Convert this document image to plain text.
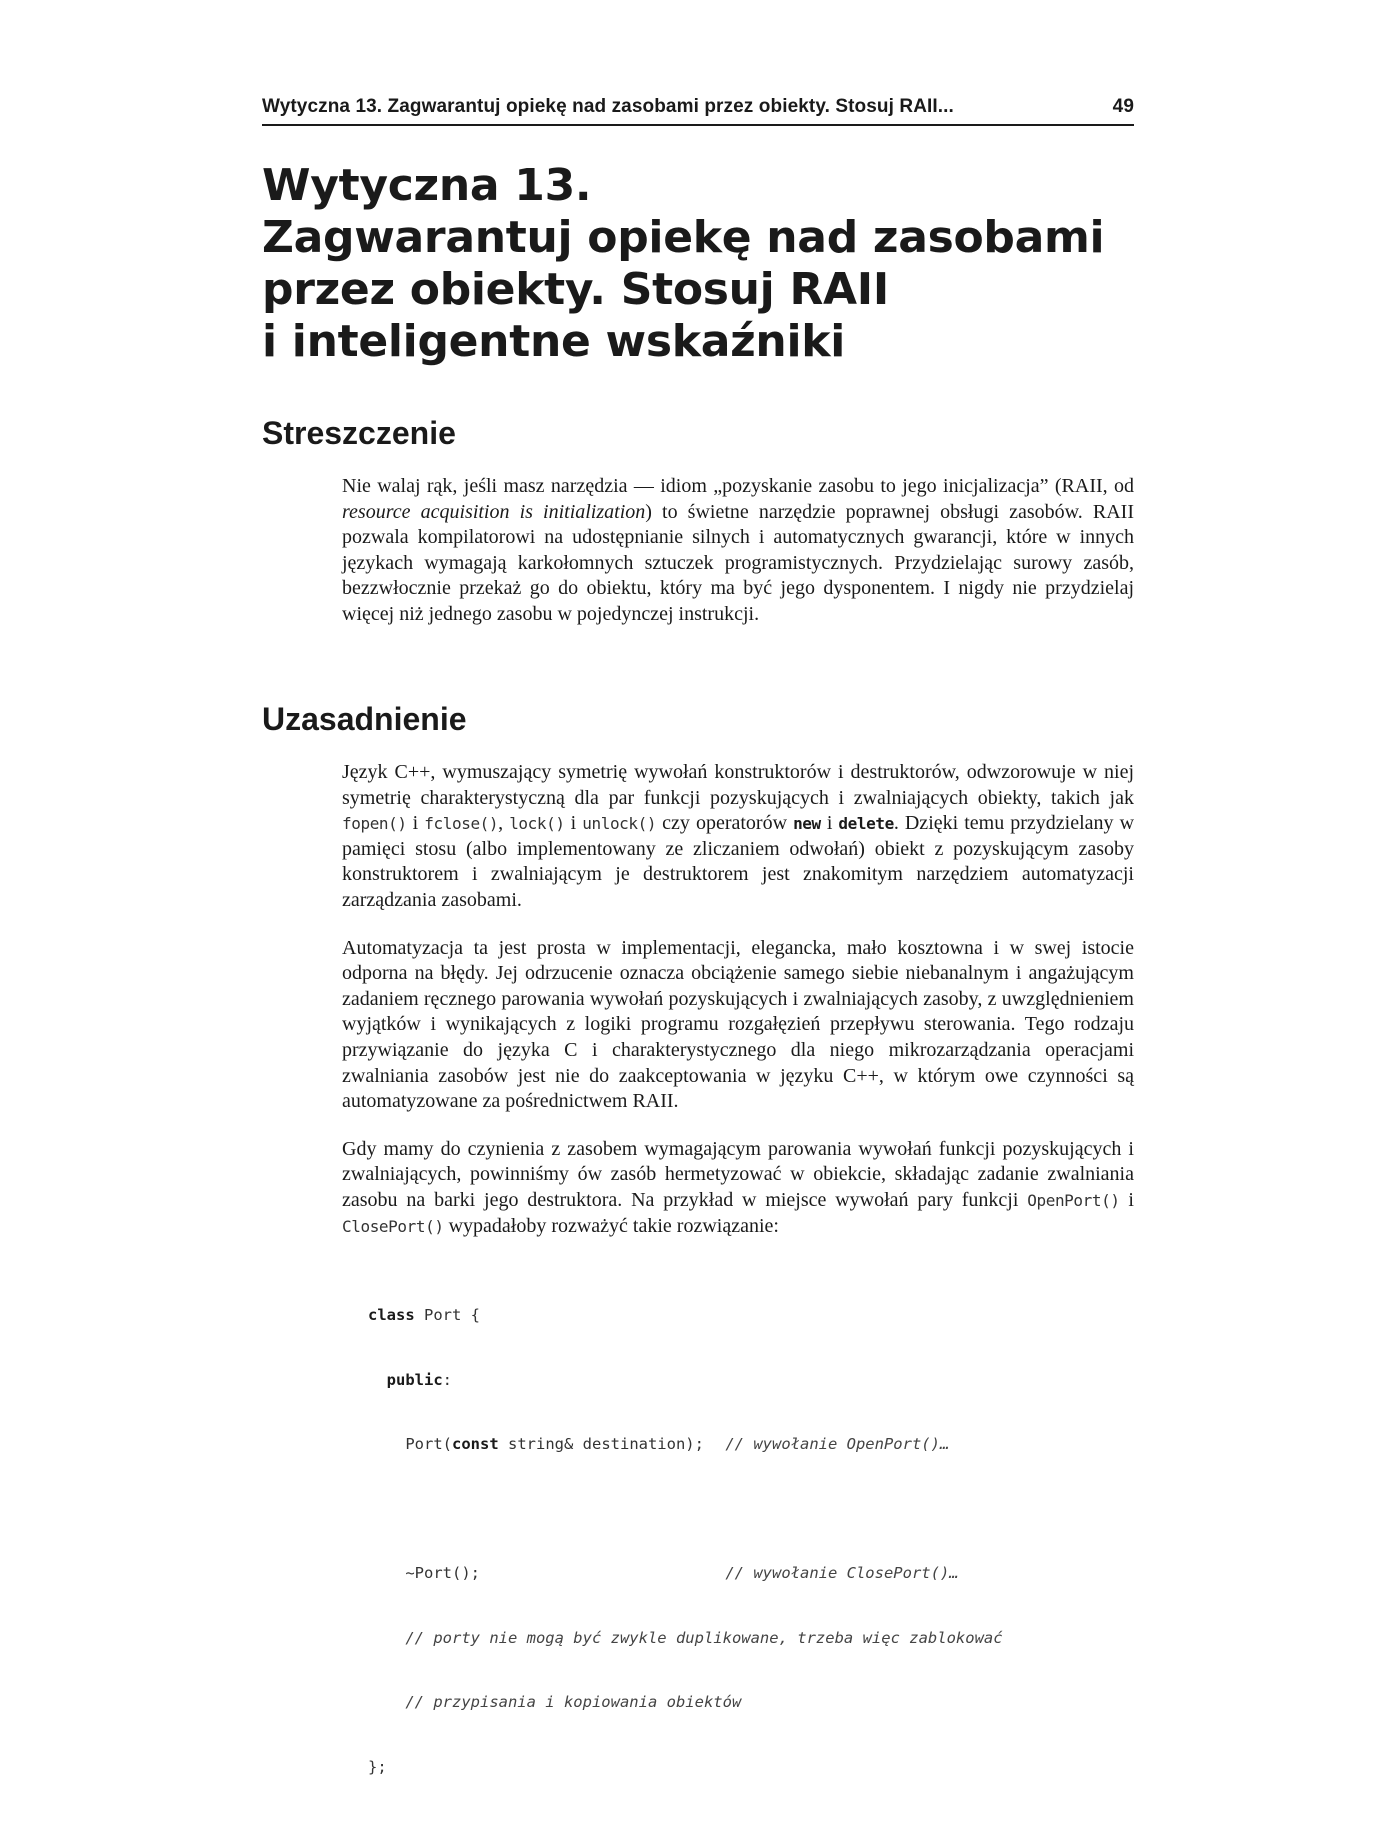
Wytyczna 13. Zagwarantuj opiekę nad zasobami przez obiekty. Stosuj RAII...	49
Wytyczna 13.
Zagwarantuj opiekę nad zasobami
przez obiekty. Stosuj RAII
i inteligentne wskaźniki
Streszczenie

Nie walaj rąk, jeśli masz narzędzia — idiom „pozyskanie zasobu to jego inicjalizacja” (RAII, od resource acquisition is initialization) to świetne narzędzie poprawnej obsługi zasobów. RAII pozwala kompilatorowi na udostępnianie silnych i automatycznych gwarancji, które w innych językach wymagają karkołomnych sztuczek programistycznych. Przydzielając surowy zasób, bezzwłocznie przekaż go do obiektu, który ma być jego dysponentem. I nigdy nie przydzielaj więcej niż jednego zasobu w pojedynczej instrukcji.

Uzasadnienie

Język C++, wymuszający symetrię wywołań konstruktorów i destruktorów, odwzorowuje w niej symetrię charakterystyczną dla par funkcji pozyskujących i zwalniających obiekty, takich jak fopen() i fclose(), lock() i unlock() czy operatorów new i delete. Dzięki temu przydzielany w pamięci stosu (albo implementowany ze zliczaniem odwołań) obiekt z pozyskującym zasoby konstruktorem i zwalniającym je destruktorem jest znakomitym narzędziem automatyzacji zarządzania zasobami.

Automatyzacja ta jest prosta w implementacji, elegancka, mało kosztowna i w swej istocie odporna na błędy. Jej odrzucenie oznacza obciążenie samego siebie niebanalnym i angażującym zadaniem ręcznego parowania wywołań pozyskujących i zwalniających zasoby, z uwzględnieniem wyjątków i wynikających z logiki programu rozgałęzień przepływu sterowania. Tego rodzaju przywiązanie do języka C i charakterystycznego dla niego mikrozarządzania operacjami zwalniania zasobów jest nie do zaakceptowania w języku C++, w którym owe czynności są automatyzowane za pośrednictwem RAII.

Gdy mamy do czynienia z zasobem wymagającym parowania wywołań funkcji pozyskujących i zwalniających, powinniśmy ów zasób hermetyzować w obiekcie, składając zadanie zwalniania zasobu na barki jego destruktora. Na przykład w miejsce wywołań pary funkcji OpenPort() i ClosePort() wypadałoby rozważyć takie rozwiązanie:

class Port {

public:

Port(const string& destination); // wywołanie OpenPort()…

~Port();	// wywołanie ClosePort()…

// porty nie mogą być zwykle duplikowane, trzeba więc zablokować

// przypisania i kopiowania obiektów

};
